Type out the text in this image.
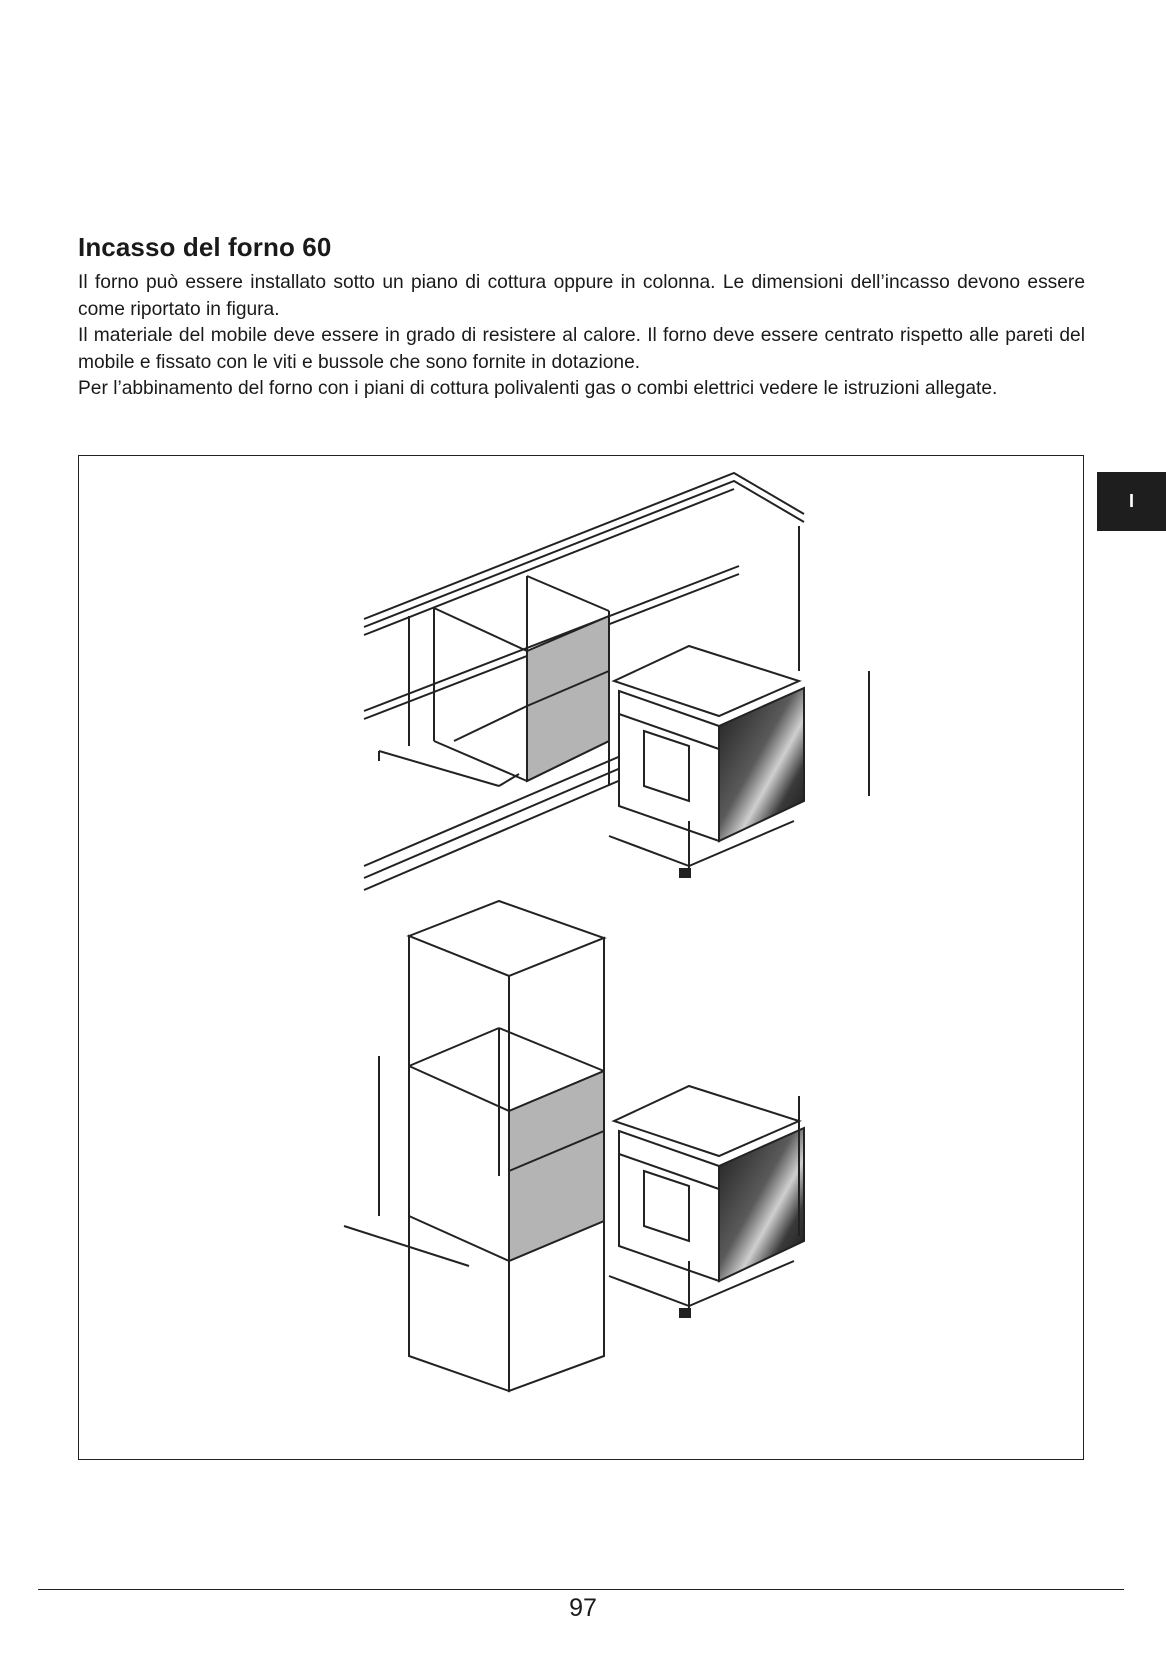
Incasso del forno 60

Il forno può essere installato sotto un piano di cottura oppure in colonna. Le dimensioni dell’incasso devono essere come riportato in figura.

Il materiale del mobile deve essere in grado di resistere al calore. Il forno deve essere centrato rispetto alle pareti del mobile e fissato con le viti e bussole che sono fornite in dotazione.

Per l’abbinamento del forno con i piani di cottura polivalenti gas o combi elettrici vedere le istruzioni allegate.

I
97
